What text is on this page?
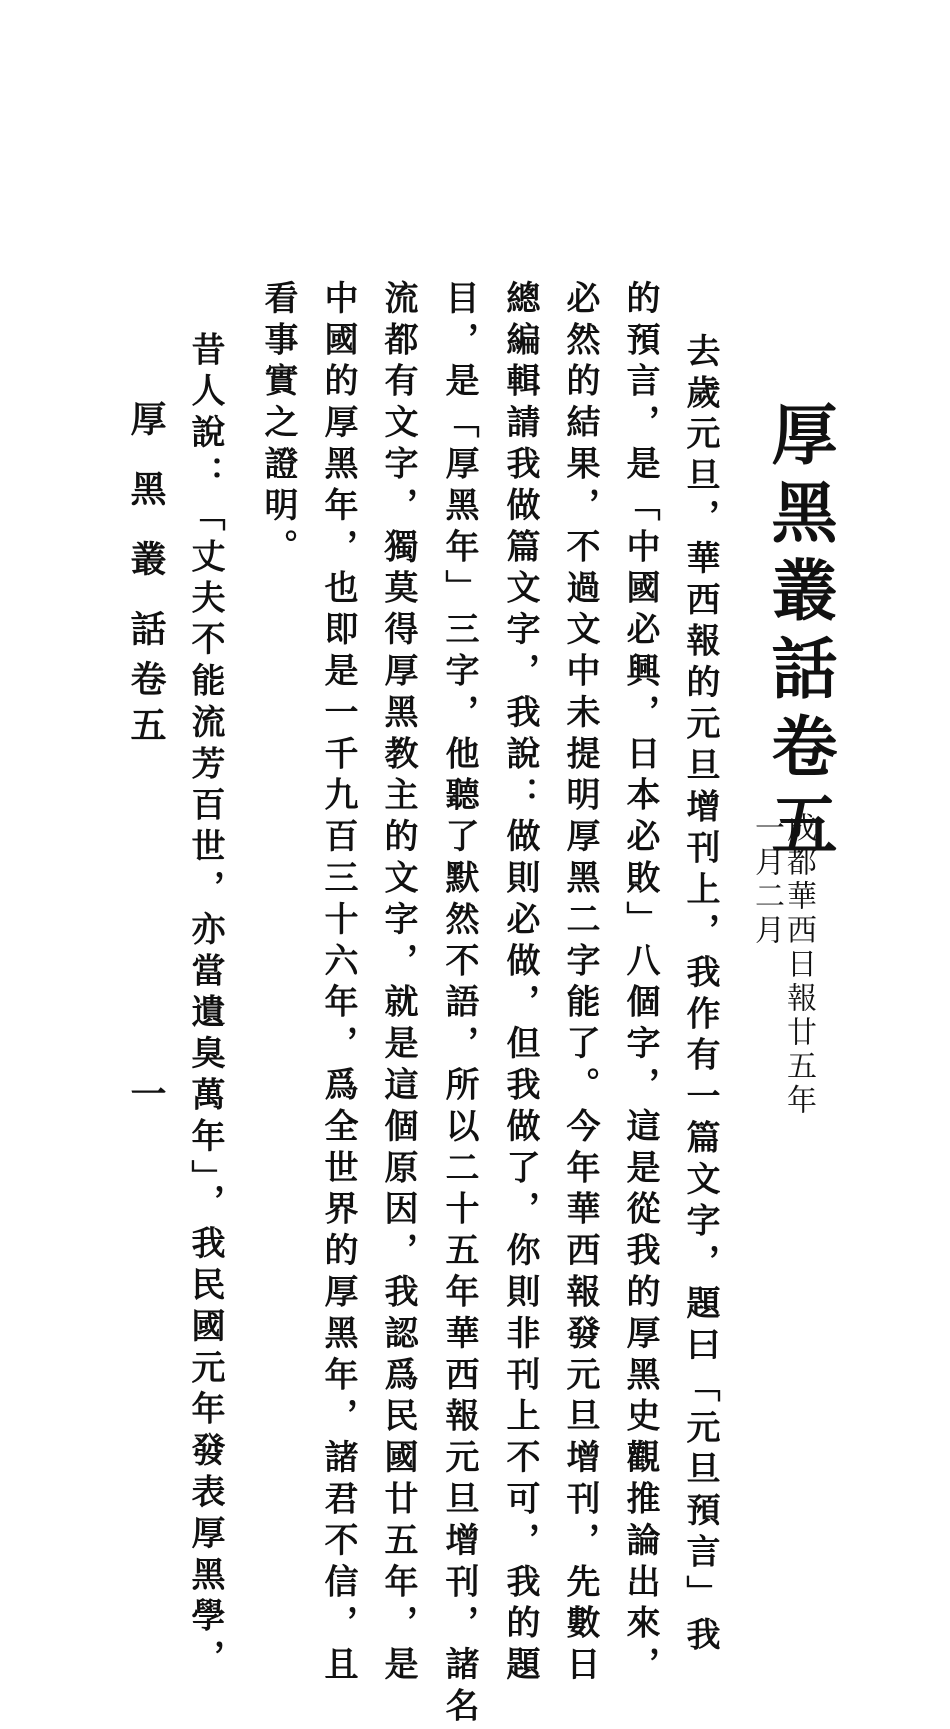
厚黑叢話卷五
成都華西日報廿五年
一月二月

去歲元旦，華西報的元旦增刊上，我作有一篇文字，題曰「元旦預言」我

的預言，是「中國必興，日本必敗」八個字，這是從我的厚黑史觀推論出來，

必然的結果，不過文中未提明厚黑二字能了。今年華西報發元旦增刊，先數日

總編輯請我做篇文字，我說：做則必做，但我做了，你則非刊上不可，我的題

目，是「厚黑年」三字，他聽了默然不語，所以二十五年華西報元旦增刊，諸名

流都有文字，獨莫得厚黑教主的文字，就是這個原因，我認爲民國廿五年，是

中國的厚黑年，也即是一千九百三十六年，爲全世界的厚黑年，諸君不信，且

看事實之證明。

　昔人說：「丈夫不能流芳百世，亦當遺臭萬年」，我民國元年發表厚黑學，

厚黑叢話
卷五
一
